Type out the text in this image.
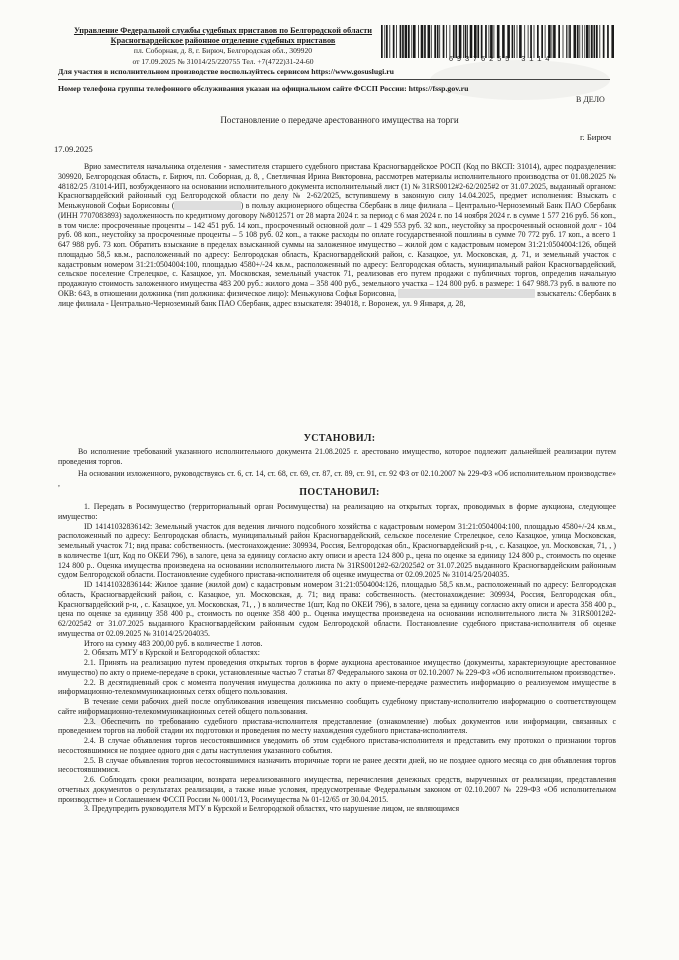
Управление Федеральной службы судебных приставов по Белгородской области
Красногвардейское районное отделение судебных приставов
пл. Соборная, д. 8, г. Бирюч, Белгородская обл., 309920
от 17.09.2025 № 31014/25/220755 Тел. +7(4722)31-24-60	69376255 3114
Для участия в исполнительном производстве воспользуйтесь сервисом https://www.gosuslugi.ru
Номер телефона группы телефонного обслуживания указан на официальном сайте ФССП России: https://fssp.gov.ru
В ДЕЛО
Постановление о передаче арестованного имущества на торги
г. Бирюч
17.09.2025
Врио заместителя начальника отделения - заместителя старшего судебного пристава Красногвардейское РОСП (Код по ВКСП: 31014), адрес подразделения: 309920, Белгородская область, г. Бирюч, пл. Соборная, д. 8, , Светличная Ирина Викторовна, рассмотрев материалы исполнительного производства от 01.08.2025 № 48182/25 /31014-ИП, возбужденного на основании исполнительного документа исполнительный лист (1) № 31RS0012#2-62/2025#2 от 31.07.2025, выданный органом: Красногвардейский районный суд Белгородской области по делу № 2-62/2025, вступившему в законную силу 14.04.2025, предмет исполнения: Взыскать с Меньжуновой Софьи Борисовны (	) в пользу акционерного общества Сбербанк в лице филиала – Центрально-Черноземный Банк ПАО Сбербанк (ИНН 7707083893) задолженность по кредитному договору №8012571 от 28 марта 2024 г. за период с 6 мая 2024 г. по 14 ноября 2024 г. в сумме 1 577 216 руб. 56 коп., в том числе: просроченные проценты – 142 451 руб. 14 коп., просроченный основной долг – 1 429 553 руб. 32 коп., неустойку за просроченный основной долг - 104 руб. 08 коп., неустойку за просроченные проценты – 5 108 руб. 02 коп., а также расходы по оплате государственной пошлины в сумме 70 772 руб. 17 коп., а всего 1 647 988 руб. 73 коп. Обратить взыскание в пределах взысканной суммы на заложенное имущество – жилой дом с кадастровым номером 31:21:0504004:126, общей площадью 58,5 кв.м., расположенный по адресу: Белгородская область, Красногвардейский район, с. Казацкое, ул. Московская, д. 71, и земельный участок с кадастровым номером 31:21:0504004:100, площадью 4580+/-24 кв.м., расположенный по адресу: Белгородская область, муниципальный район Красногвардейский, сельское поселение Стрелецкое, с. Казацкое, ул. Московская, земельный участок 71, реализовав его путем продажи с публичных торгов, определив начальную продажную стоимость заложенного имущества 483 200 руб.: жилого дома – 358 400 руб., земельного участка – 124 800 руб. в размере: 1 647 988.73 руб. в валюте по ОКВ: 643, в отношении должника (тип должника: физическое лицо): Меньжунова Софья Борисовна,	взыскатель: Сбербанк в лице филиала - Центрально-Черноземный банк ПАО Сбербанк, адрес взыскателя: 394018, г. Воронеж, ул. 9 Января, д. 28,
УСТАНОВИЛ:
Во исполнение требований указанного исполнительного документа 21.08.2025 г. арестовано имущество, которое подлежит дальнейшей реализации путем проведения торгов.
На основании изложенного, руководствуясь ст. 6, ст. 14, ст. 68, ст. 69, ст. 87, ст. 89, ст. 91, ст. 92 ФЗ от 02.10.2007 № 229-ФЗ «Об исполнительном производстве» ,
ПОСТАНОВИЛ:

1. Передать в Росимущество (территориальный орган Росимущества) на реализацию на открытых торгах, проводимых в форме аукциона, следующее имущество:

ID 14141032836142: Земельный участок для ведения личного подсобного хозяйства с кадастровым номером 31:21:0504004:100, площадью 4580+/-24 кв.м., расположенный по адресу: Белгородская область, муниципальный район Красногвардейский, сельское поселение Стрелецкое, село Казацкое, улица Московская, земельный участок 71; вид права: собственность. (местонахождение: 309934, Россия, Белгородская обл., Красногвардейский р-н, , с. Казацкое, ул. Московская, 71, , ) в количестве 1(шт, Код по ОКЕИ 796), в залоге, цена за единицу согласно акту описи и ареста 124 800 р., цена по оценке за единицу 124 800 р., стоимость по оценке 124 800 р.. Оценка имущества произведена на основании исполнительного листа № 31RS0012#2-62/2025#2 от 31.07.2025 выданного Красногвардейским районным судом Белгородской области. Постановление судебного пристава-исполнителя об оценке имущества от 02.09.2025 № 31014/25/204035.

ID 14141032836144: Жилое здание (жилой дом) с кадастровым номером 31:21:0504004:126, площадью 58,5 кв.м., расположенный по адресу: Белгородская область, Красногвардейский район, с. Казацкое, ул. Московская, д. 71; вид права: собственность. (местонахождение: 309934, Россия, Белгородская обл., Красногвардейский р-н, , с. Казацкое, ул. Московская, 71, , ) в количестве 1(шт, Код по ОКЕИ 796), в залоге, цена за единицу согласно акту описи и ареста 358 400 р., цена по оценке за единицу 358 400 р., стоимость по оценке 358 400 р.. Оценка имущества произведена на основании исполнительного листа № 31RS0012#2-62/2025#2 от 31.07.2025 выданного Красногвардейским районным судом Белгородской области. Постановление судебного пристава-исполнителя об оценке имущества от 02.09.2025 № 31014/25/204035.

Итого на сумму 483 200,00 руб. в количестве 1 лотов.

2. Обязать МТУ в Курской и Белгородской областях:

2.1. Принять на реализацию путем проведения открытых торгов в форме аукциона арестованное имущество (документы, характеризующие арестованное имущество) по акту о приеме-передаче в сроки, установленные частью 7 статьи 87 Федерального закона от 02.10.2007 № 229-ФЗ «Об исполнительном производстве».

2.2. В десятидневный срок с момента получения имущества должника по акту о приеме-передаче разместить информацию о реализуемом имуществе в информационно-телекоммуникационных сетях общего пользования.

В течение семи рабочих дней после опубликования извещения письменно сообщить судебному приставу-исполнителю информацию о соответствующем сайте информационно-телекоммуникационных сетей общего пользования.

2.3. Обеспечить по требованию судебного пристава-исполнителя представление (ознакомление) любых документов или информации, связанных с проведением торгов на любой стадии их подготовки и проведения по месту нахождения судебного пристава-исполнителя.

2.4. В случае объявления торгов несостоявшимися уведомить об этом судебного пристава-исполнителя и представить ему протокол о признании торгов несостоявшимися не позднее одного дня с даты наступления указанного события.

2.5. В случае объявления торгов несостоявшимися назначить вторичные торги не ранее десяти дней, но не позднее одного месяца со дня объявления торгов несостоявшимися.

2.6. Соблюдать сроки реализации, возврата нереализованного имущества, перечисления денежных средств, вырученных от реализации, представления отчетных документов о результатах реализации, а также иные условия, предусмотренные Федеральным законом от 02.10.2007 № 229-ФЗ «Об исполнительном производстве» и Соглашением ФССП России № 0001/13, Росимущества № 01-12/65 от 30.04.2015.

3. Предупредить руководителя МТУ в Курской и Белгородской областях, что нарушение лицом, не являющимся
